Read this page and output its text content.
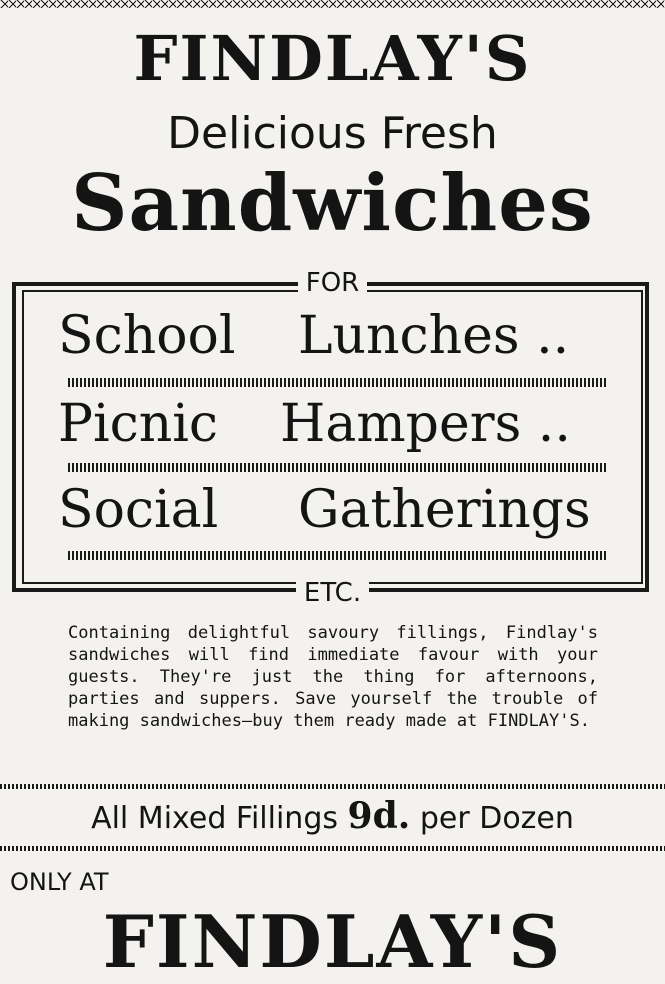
FINDLAY'S
Delicious Fresh
Sandwiches
FOR
School Lunches ..
Picnic Hampers ..
Social Gatherings
ETC.
Containing delightful savoury fillings, Findlay's sandwiches will find immediate favour with your guests. They're just the thing for afternoons, parties and suppers. Save yourself the trouble of making sandwiches—buy them ready made at FINDLAY'S.
All Mixed Fillings 9d. per Dozen
ONLY AT
FINDLAY'S
